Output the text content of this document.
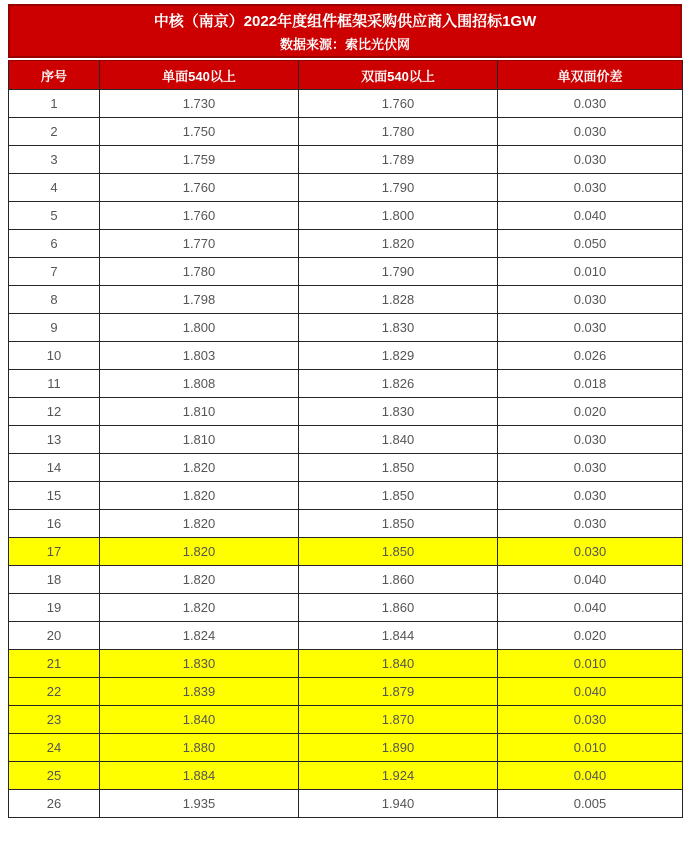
中核（南京）2022年度组件框架采购供应商入围招标1GW
数据来源：索比光伏网
序号	单面540以上	双面540以上	单双面价差
1	1.730	1.760	0.030
2	1.750	1.780	0.030
3	1.759	1.789	0.030
4	1.760	1.790	0.030
5	1.760	1.800	0.040
6	1.770	1.820	0.050
7	1.780	1.790	0.010
8	1.798	1.828	0.030
9	1.800	1.830	0.030
10	1.803	1.829	0.026
11	1.808	1.826	0.018
12	1.810	1.830	0.020
13	1.810	1.840	0.030
14	1.820	1.850	0.030
15	1.820	1.850	0.030
16	1.820	1.850	0.030
17	1.820	1.850	0.030
18	1.820	1.860	0.040
19	1.820	1.860	0.040
20	1.824	1.844	0.020
21	1.830	1.840	0.010
22	1.839	1.879	0.040
23	1.840	1.870	0.030
24	1.880	1.890	0.010
25	1.884	1.924	0.040
26	1.935	1.940	0.005
